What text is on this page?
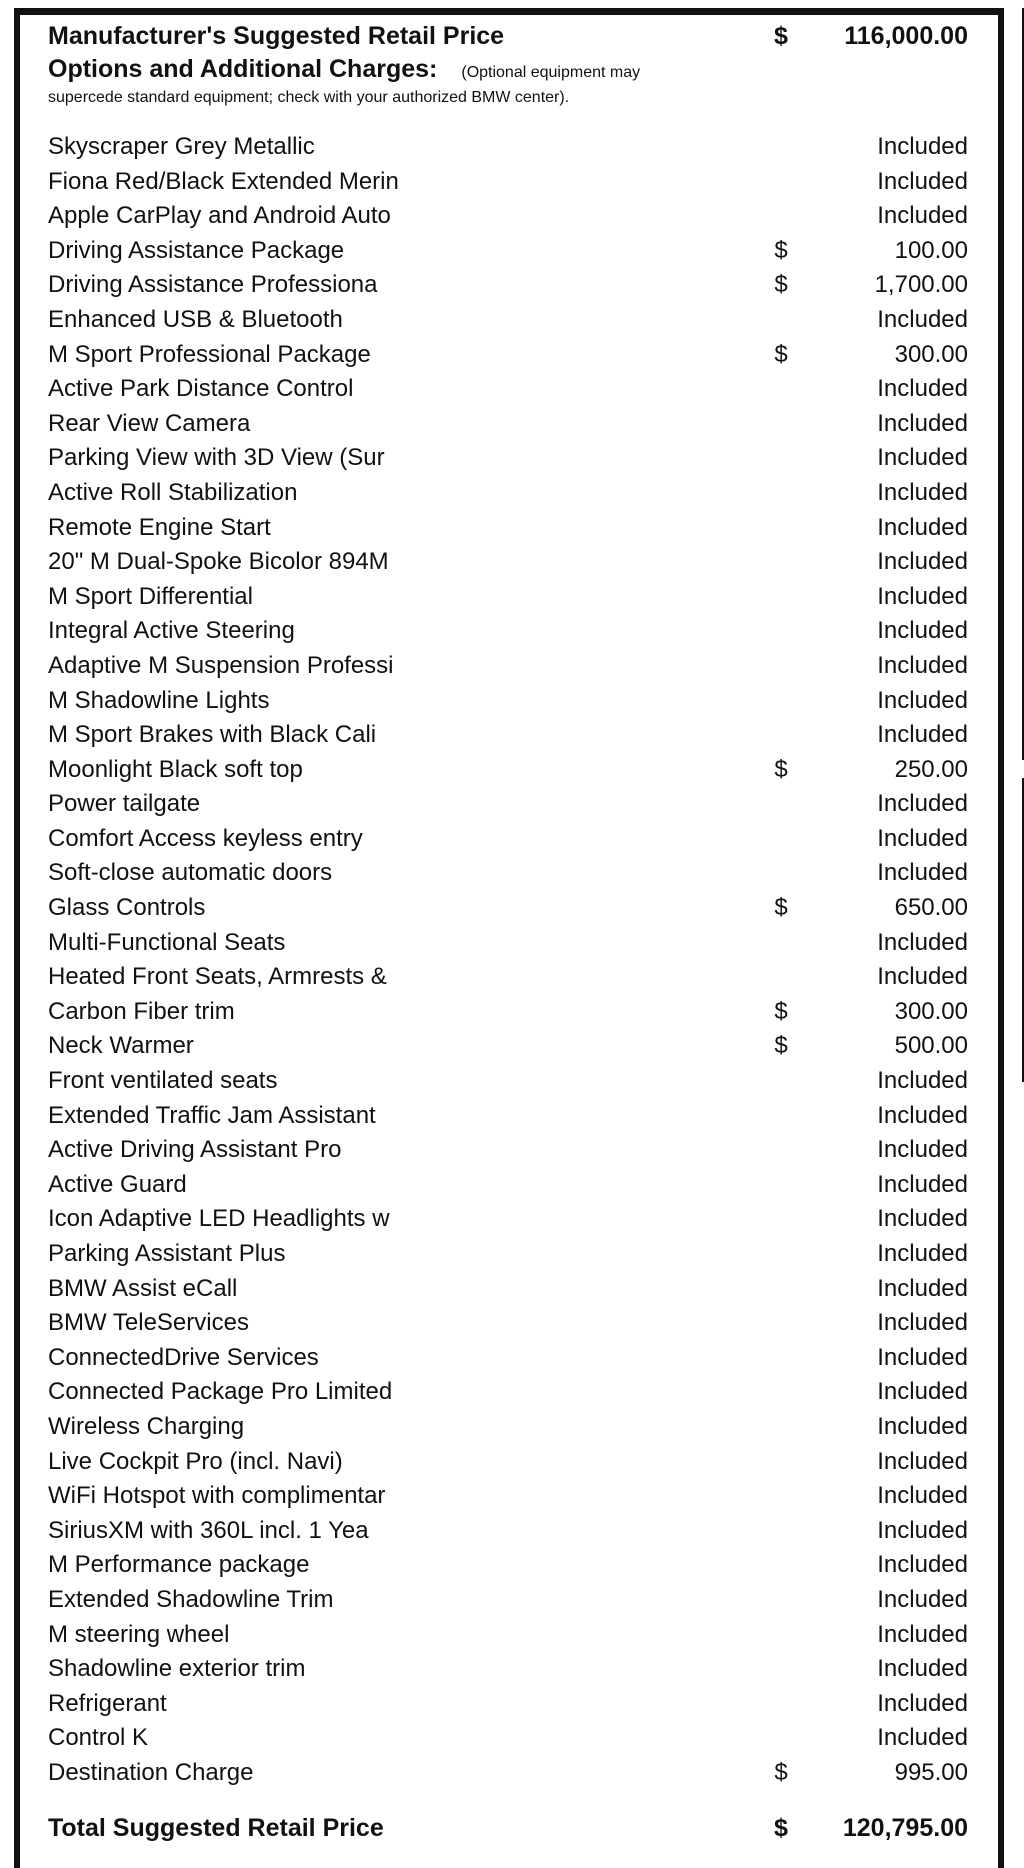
Manufacturer's Suggested Retail Price	$	116,000.00
Options and Additional Charges: (Optional equipment may
supercede standard equipment; check with your authorized BMW center).
Skyscraper Grey Metallic	Included
Fiona Red/Black Extended Merin	Included
Apple CarPlay and Android Auto	Included
Driving Assistance Package	$	100.00
Driving Assistance Professiona	$	1,700.00
Enhanced USB & Bluetooth	Included
M Sport Professional Package	$	300.00
Active Park Distance Control	Included
Rear View Camera	Included
Parking View with 3D View (Sur	Included
Active Roll Stabilization	Included
Remote Engine Start	Included
20" M Dual-Spoke Bicolor 894M	Included
M Sport Differential	Included
Integral Active Steering	Included
Adaptive M Suspension Professi	Included
M Shadowline Lights	Included
M Sport Brakes with Black Cali	Included
Moonlight Black soft top	$	250.00
Power tailgate	Included
Comfort Access keyless entry	Included
Soft-close automatic doors	Included
Glass Controls	$	650.00
Multi-Functional Seats	Included
Heated Front Seats, Armrests &	Included
Carbon Fiber trim	$	300.00
Neck Warmer	$	500.00
Front ventilated seats	Included
Extended Traffic Jam Assistant	Included
Active Driving Assistant Pro	Included
Active Guard	Included
Icon Adaptive LED Headlights w	Included
Parking Assistant Plus	Included
BMW Assist eCall	Included
BMW TeleServices	Included
ConnectedDrive Services	Included
Connected Package Pro Limited	Included
Wireless Charging	Included
Live Cockpit Pro (incl. Navi)	Included
WiFi Hotspot with complimentar	Included
SiriusXM with 360L incl. 1 Yea	Included
M Performance package	Included
Extended Shadowline Trim	Included
M steering wheel	Included
Shadowline exterior trim	Included
Refrigerant	Included
Control K	Included
Destination Charge	$	995.00
Total Suggested Retail Price	$	120,795.00
